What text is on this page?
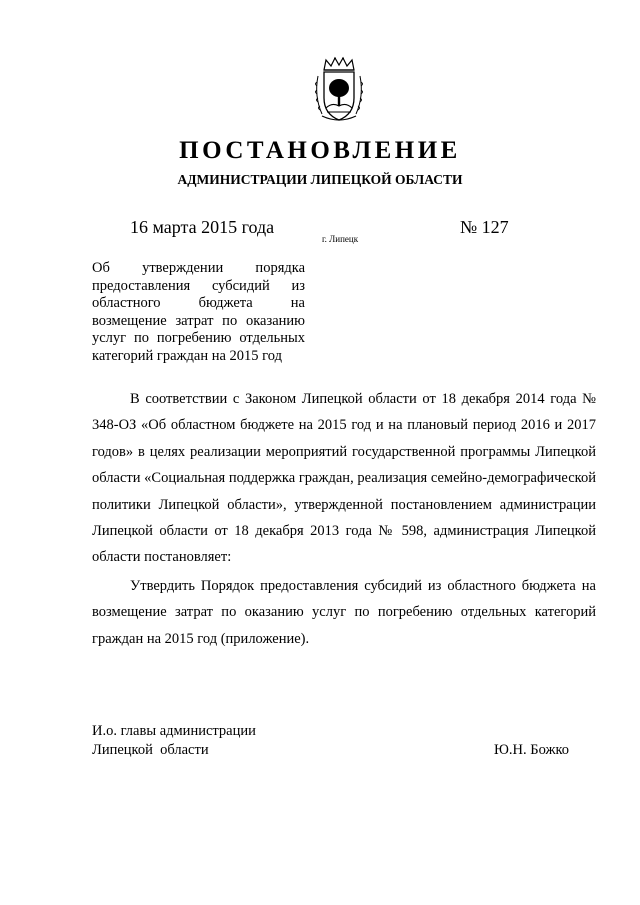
ПОСТАНОВЛЕНИЕ
АДМИНИСТРАЦИИ ЛИПЕЦКОЙ ОБЛАСТИ
16 марта 2015 года
г. Липецк
№ 127
Об утверждении порядка предоставления субсидий из областного бюджета на возмещение затрат по оказанию услуг по погребению отдельных категорий граждан на 2015 год

В соответствии с Законом Липецкой области от 18 декабря 2014 года № 348-ОЗ «Об областном бюджете на 2015 год и на плановый период 2016 и 2017 годов» в целях реализации мероприятий государственной программы Липецкой области «Социальная поддержка граждан, реализация семейно-демографической политики Липецкой области», утвержденной постановлением администрации Липецкой области от 18 декабря 2013 года № 598, администрация Липецкой области постановляет:

Утвердить Порядок предоставления субсидий из областного бюджета на возмещение затрат по оказанию услуг по погребению отдельных категорий граждан на 2015 год (приложение).

И.о. главы администрации
Липецкой  области	Ю.Н. Божко
